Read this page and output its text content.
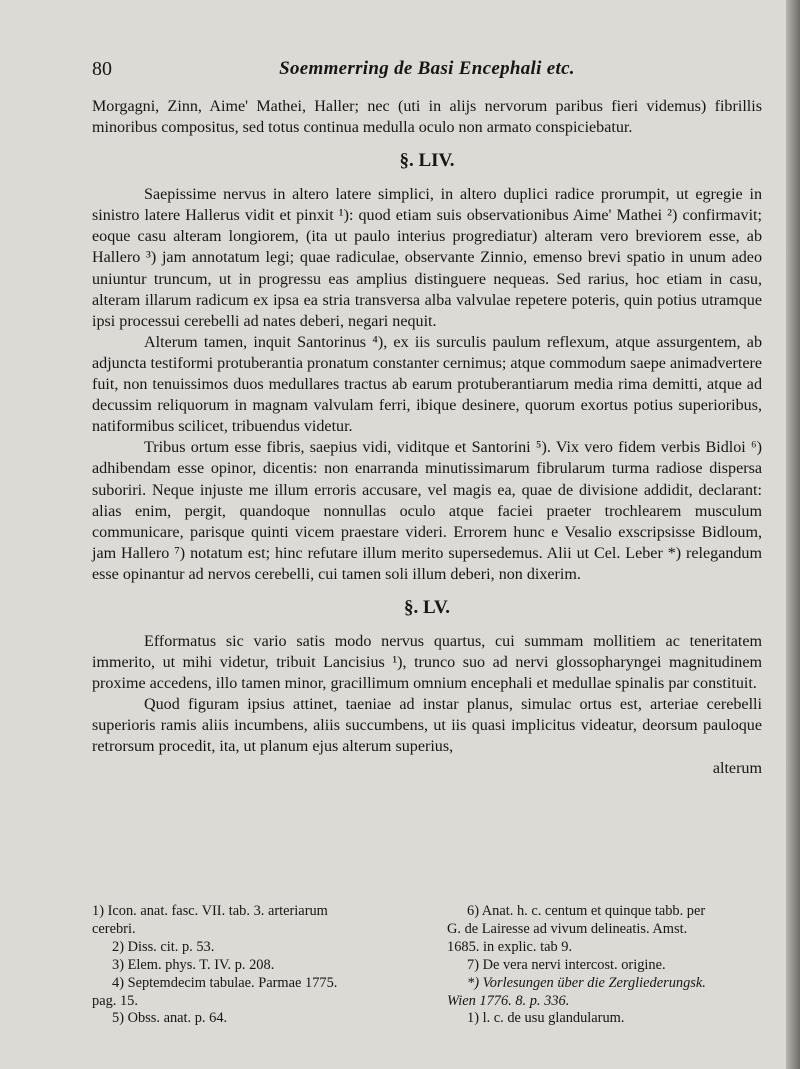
80	Soemmerring de Basi Encephali etc.

Morgagni, Zinn, Aime' Mathei, Haller; nec (uti in alijs nervorum paribus fieri videmus) fibrillis minoribus compositus, sed totus continua medulla oculo non armato conspiciebatur.

§. LIV.

Saepissime nervus in altero latere simplici, in altero duplici radice prorumpit, ut egregie in sinistro latere Hallerus vidit et pinxit ¹): quod etiam suis observationibus Aime' Mathei ²) confirmavit; eoque casu alteram longiorem, (ita ut paulo interius progrediatur) alteram vero breviorem esse, ab Hallero ³) jam annotatum legi; quae radiculae, observante Zinnio, emenso brevi spatio in unum adeo uniuntur truncum, ut in progressu eas amplius distinguere nequeas. Sed rarius, hoc etiam in casu, alteram illarum radicum ex ipsa ea stria transversa alba valvulae repetere poteris, quin potius utramque ipsi processui cerebelli ad nates deberi, negari nequit.

Alterum tamen, inquit Santorinus ⁴), ex iis surculis paulum reflexum, atque assurgentem, ab adjuncta testiformi protuberantia pronatum constanter cernimus; atque commodum saepe animadvertere fuit, non tenuissimos duos medullares tractus ab earum protuberantiarum media rima demitti, atque ad decussim reliquorum in magnam valvulam ferri, ibique desinere, quorum exortus potius superioribus, natiformibus scilicet, tribuendus videtur.

Tribus ortum esse fibris, saepius vidi, viditque et Santorini ⁵). Vix vero fidem verbis Bidloi ⁶) adhibendam esse opinor, dicentis: non enarranda minutissimarum fibrularum turma radiose dispersa suboriri. Neque injuste me illum erroris accusare, vel magis ea, quae de divisione addidit, declarant: alias enim, pergit, quandoque nonnullas oculo atque faciei praeter trochlearem musculum communicare, parisque quinti vicem praestare videri. Errorem hunc e Vesalio exscripsisse Bidloum, jam Hallero ⁷) notatum est; hinc refutare illum merito supersedemus. Alii ut Cel. Leber *) relegandum esse opinantur ad nervos cerebelli, cui tamen soli illum deberi, non dixerim.

§. LV.

Efformatus sic vario satis modo nervus quartus, cui summam mollitiem ac teneritatem immerito, ut mihi videtur, tribuit Lancisius ¹), trunco suo ad nervi glossopharyngei magnitudinem proxime accedens, illo tamen minor, gracillimum omnium encephali et medullae spinalis par constituit.

Quod figuram ipsius attinet, taeniae ad instar planus, simulac ortus est, arteriae cerebelli superioris ramis aliis incumbens, aliis succumbens, ut iis quasi implicitus videatur, deorsum pauloque retrorsum procedit, ita, ut planum ejus alterum superius,

alterum

1) Icon. anat. fasc. VII. tab. 3. arteriarum
cerebri.
2) Diss. cit. p. 53.
3) Elem. phys. T. IV. p. 208.
4) Septemdecim tabulae. Parmae 1775.
pag. 15.
5) Obss. anat. p. 64.
6) Anat. h. c. centum et quinque tabb. per
G. de Lairesse ad vivum delineatis. Amst.
1685. in explic. tab 9.
7) De vera nervi intercost. origine.
*) Vorlesungen über die Zergliederungsk.
Wien 1776. 8. p. 336.
1) l. c. de usu glandularum.
